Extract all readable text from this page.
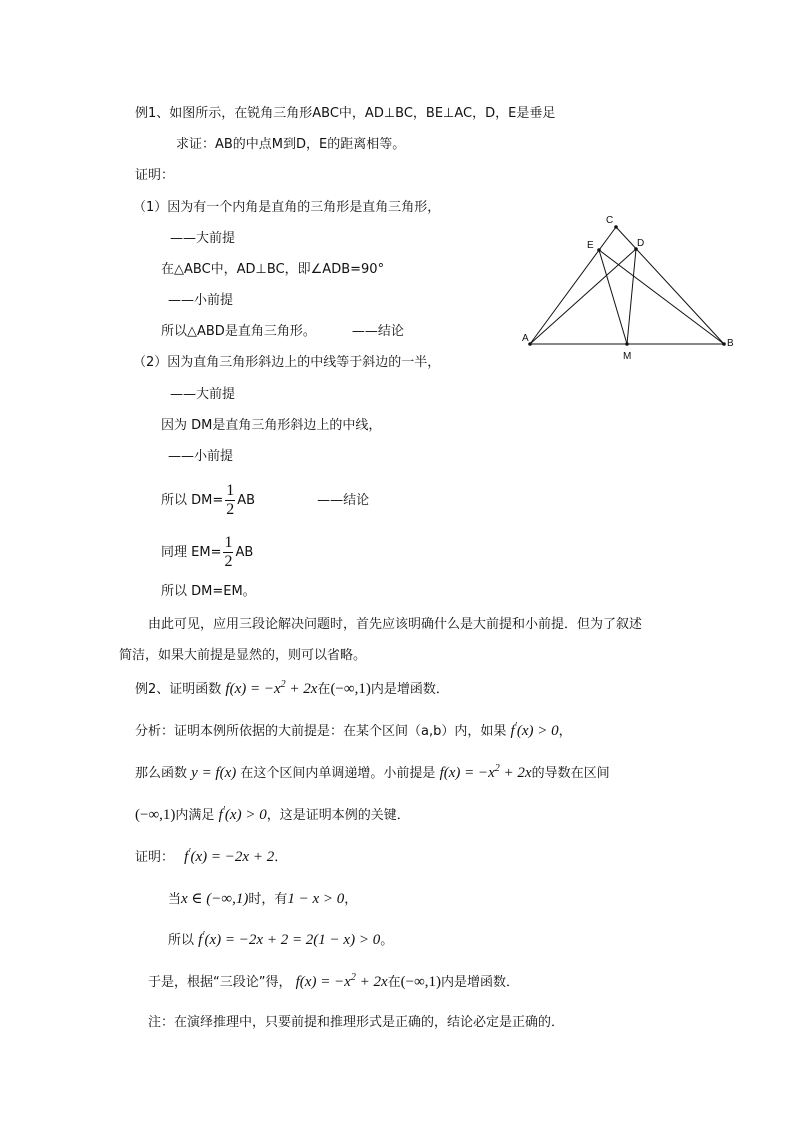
例1、如图所示，在锐角三角形ABC中，AD⊥BC，BE⊥AC，D，E是垂足
求证：AB的中点M到D，E的距离相等。
证明：
（1）因为有一个内角是直角的三角形是直角三角形，
——大前提
在△ABC中，AD⊥BC，即∠ADB=90°
——小前提
所以△ABD是直角三角形。	——结论
（2）因为直角三角形斜边上的中线等于斜边的一半，
——大前提
因为 DM是直角三角形斜边上的中线，
——小前提
所以 $DM= \frac{1}{2}$ AB	——结论
同理 $EM= \frac{1}{2}$ AB
所以 DM=EM。
由此可见，应用三段论解决问题时，首先应该明确什么是大前提和小前提．但为了叙述
简洁，如果大前提是显然的，则可以省略。
例2、证明函数 $f(x) = -x^2 + 2x$在(−∞,1)内是增函数．
分析：证明本例所依据的大前提是：在某个区间（a,b）内，如果 f′(x) > 0，
那么函数 y = f(x) 在这个区间内单调递增。小前提是 $f(x) = -x^2 + 2x$的导数在区间
(−∞,1)内满足 f′(x) > 0，这是证明本例的关键．
证明： f′(x) = −2x + 2．
当x ∈ (−∞,1)时，有1 − x > 0，
所以 f′(x) = −2x + 2 = 2(1 − x) > 0。
于是，根据“三段论”得， $f(x) = -x^2 + 2x$在(−∞,1)内是增函数．
注：在演绎推理中，只要前提和推理形式是正确的，结论必定是正确的．
A	B
C
D
E
M
